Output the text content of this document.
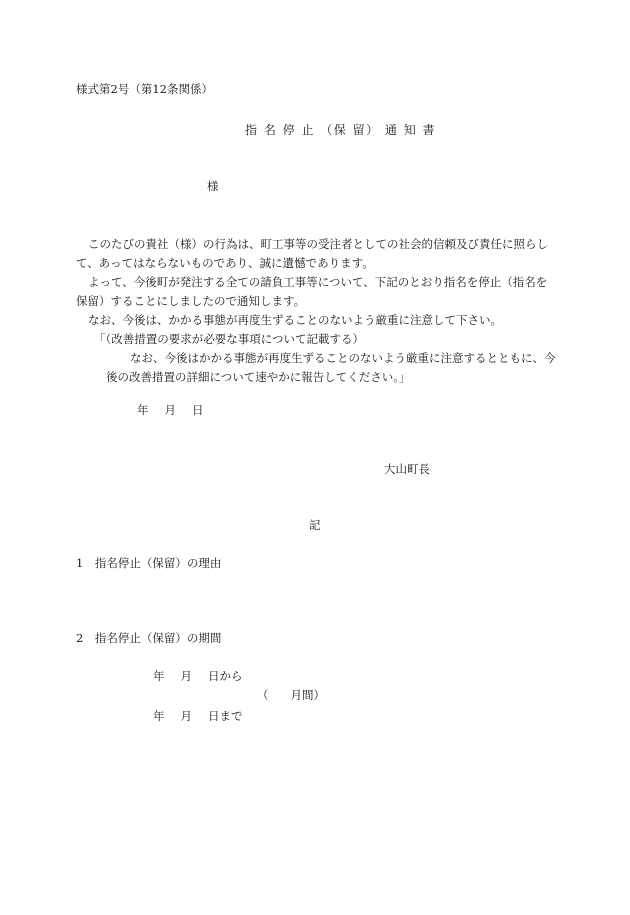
様式第2号（第12条関係）
指 名 停 止 （保 留） 通 知 書
様

このたびの貴社（様）の行為は、町工事等の受注者としての社会的信頼及び責任に照らして、あってはならないものであり、誠に遺憾であります。

よって、今後町が発注する全ての請負工事等について、下記のとおり指名を停止（指名を保留）することにしましたので通知します。

なお、今後は、かかる事態が再度生ずることのないよう厳重に注意して下さい。

「（改善措置の要求が必要な事項について記載する）

なお、今後はかかる事態が再度生ずることのないよう厳重に注意するとともに、今後の改善措置の詳細について速やかに報告してください。」

年 月 日
大山町長
記
1　指名停止（保留）の理由
2　指名停止（保留）の期間
年 月 日から
（ 月間）
年 月 日まで
